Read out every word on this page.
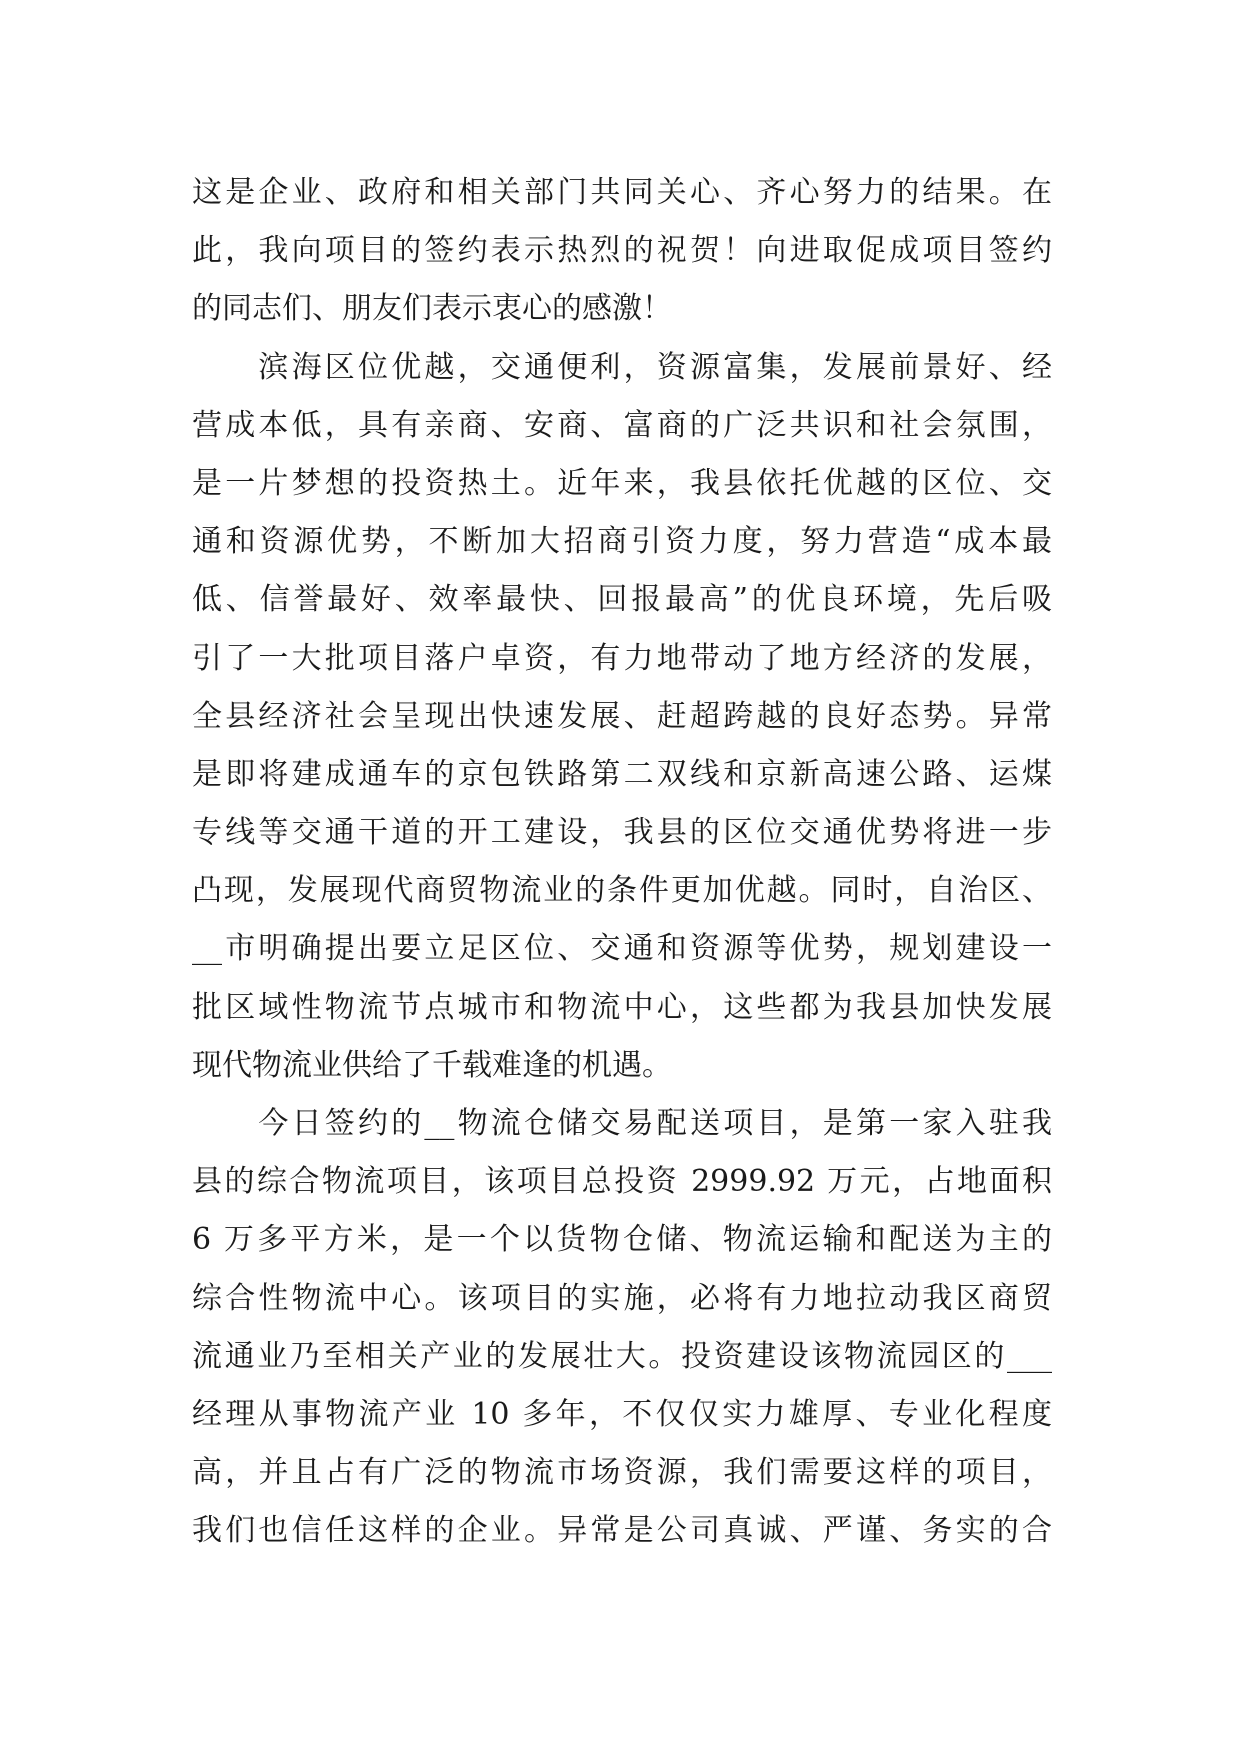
这是企业、政府和相关部门共同关心、齐心努力的结果。在
此，我向项目的签约表示热烈的祝贺！向进取促成项目签约
的同志们、朋友们表示衷心的感激！
　　滨海区位优越，交通便利，资源富集，发展前景好、经
营成本低，具有亲商、安商、富商的广泛共识和社会氛围，
是一片梦想的投资热土。近年来，我县依托优越的区位、交
通和资源优势，不断加大招商引资力度，努力营造“成本最
低、信誉最好、效率最快、回报最高”的优良环境，先后吸
引了一大批项目落户卓资，有力地带动了地方经济的发展，
全县经济社会呈现出快速发展、赶超跨越的良好态势。异常
是即将建成通车的京包铁路第二双线和京新高速公路、运煤
专线等交通干道的开工建设，我县的区位交通优势将进一步
凸现，发展现代商贸物流业的条件更加优越。同时，自治区、
__市明确提出要立足区位、交通和资源等优势，规划建设一
批区域性物流节点城市和物流中心，这些都为我县加快发展
现代物流业供给了千载难逢的机遇。
　　今日签约的__物流仓储交易配送项目，是第一家入驻我
县的综合物流项目，该项目总投资 2999.92 万元，占地面积
6 万多平方米，是一个以货物仓储、物流运输和配送为主的
综合性物流中心。该项目的实施，必将有力地拉动我区商贸
流通业乃至相关产业的发展壮大。投资建设该物流园区的___
经理从事物流产业 10 多年，不仅仅实力雄厚、专业化程度
高，并且占有广泛的物流市场资源，我们需要这样的项目，
我们也信任这样的企业。异常是公司真诚、严谨、务实的合
